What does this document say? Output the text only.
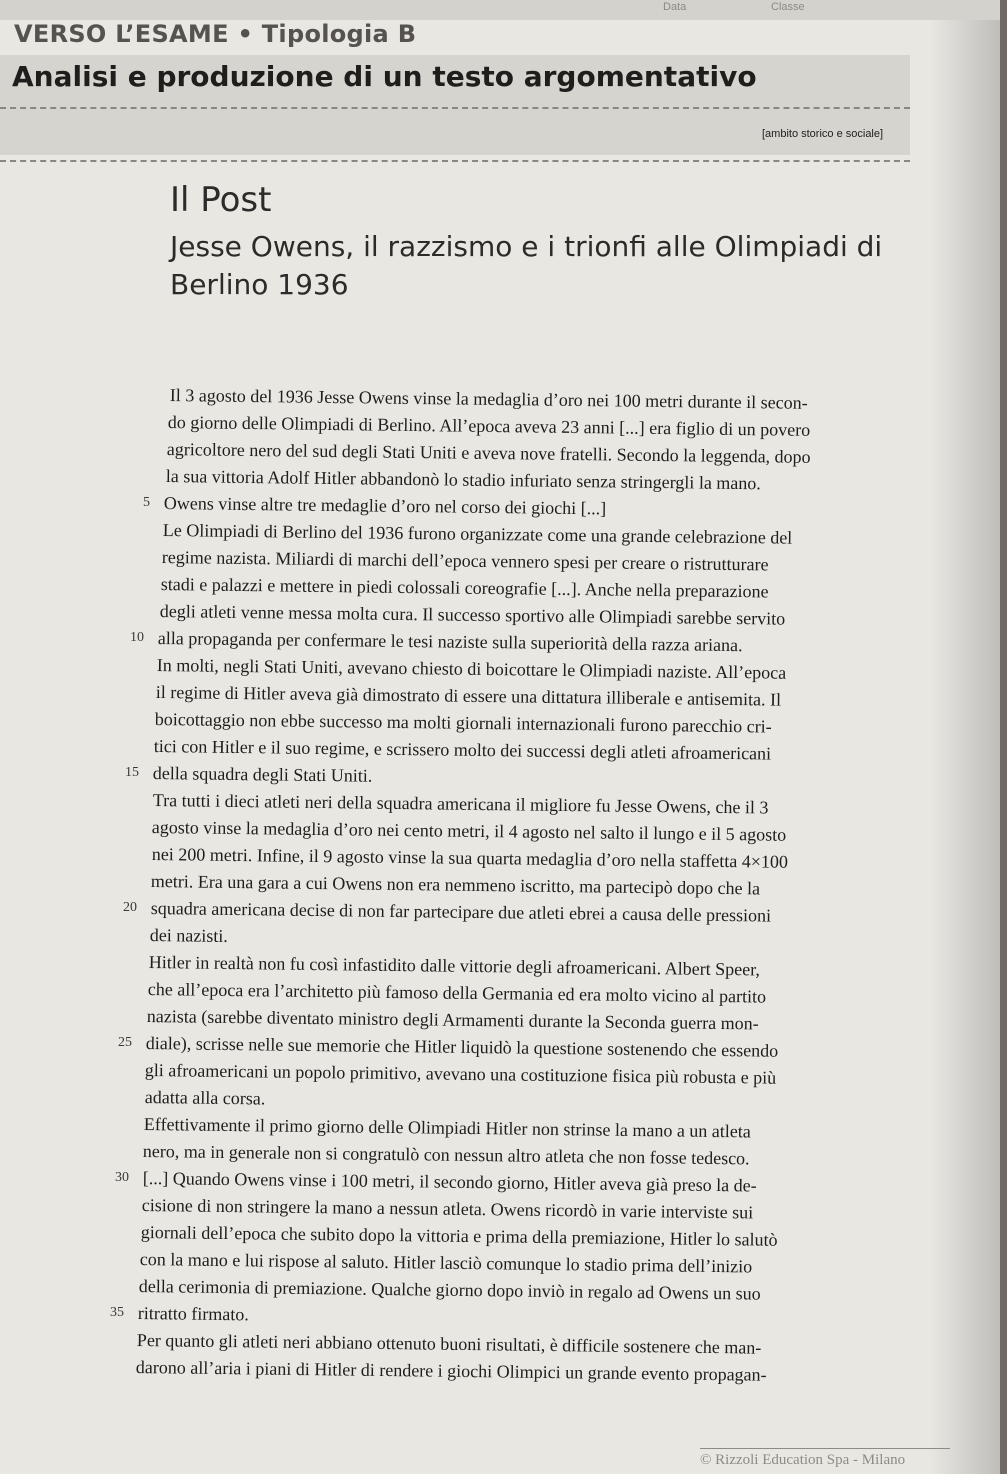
Data	Classe
VERSO L’ESAME • Tipologia B
Analisi e produzione di un testo argomentativo
[ambito storico e sociale]
Il Post
Jesse Owens, il razzismo e i trionfi alle Olimpiadi di Berlino 1936
Il 3 agosto del 1936 Jesse Owens vinse la medaglia d’oro nei 100 metri durante il secon-
do giorno delle Olimpiadi di Berlino. All’epoca aveva 23 anni [...] era figlio di un povero
agricoltore nero del sud degli Stati Uniti e aveva nove fratelli. Secondo la leggenda, dopo
la sua vittoria Adolf Hitler abbandonò lo stadio infuriato senza stringergli la mano.
Owens vinse altre tre medaglie d’oro nel corso dei giochi [...]
Le Olimpiadi di Berlino del 1936 furono organizzate come una grande celebrazione del
regime nazista. Miliardi di marchi dell’epoca vennero spesi per creare o ristrutturare
stadi e palazzi e mettere in piedi colossali coreografie [...]. Anche nella preparazione
degli atleti venne messa molta cura. Il successo sportivo alle Olimpiadi sarebbe servito
alla propaganda per confermare le tesi naziste sulla superiorità della razza ariana.
In molti, negli Stati Uniti, avevano chiesto di boicottare le Olimpiadi naziste. All’epoca
il regime di Hitler aveva già dimostrato di essere una dittatura illiberale e antisemita. Il
boicottaggio non ebbe successo ma molti giornali internazionali furono parecchio cri-
tici con Hitler e il suo regime, e scrissero molto dei successi degli atleti afroamericani
della squadra degli Stati Uniti.
Tra tutti i dieci atleti neri della squadra americana il migliore fu Jesse Owens, che il 3
agosto vinse la medaglia d’oro nei cento metri, il 4 agosto nel salto il lungo e il 5 agosto
nei 200 metri. Infine, il 9 agosto vinse la sua quarta medaglia d’oro nella staffetta 4×100
metri. Era una gara a cui Owens non era nemmeno iscritto, ma partecipò dopo che la
squadra americana decise di non far partecipare due atleti ebrei a causa delle pressioni
dei nazisti.
Hitler in realtà non fu così infastidito dalle vittorie degli afroamericani. Albert Speer,
che all’epoca era l’architetto più famoso della Germania ed era molto vicino al partito
nazista (sarebbe diventato ministro degli Armamenti durante la Seconda guerra mon-
diale), scrisse nelle sue memorie che Hitler liquidò la questione sostenendo che essendo
gli afroamericani un popolo primitivo, avevano una costituzione fisica più robusta e più
adatta alla corsa.
Effettivamente il primo giorno delle Olimpiadi Hitler non strinse la mano a un atleta
nero, ma in generale non si congratulò con nessun altro atleta che non fosse tedesco.
[...] Quando Owens vinse i 100 metri, il secondo giorno, Hitler aveva già preso la de-
cisione di non stringere la mano a nessun atleta. Owens ricordò in varie interviste sui
giornali dell’epoca che subito dopo la vittoria e prima della premiazione, Hitler lo salutò
con la mano e lui rispose al saluto. Hitler lasciò comunque lo stadio prima dell’inizio
della cerimonia di premiazione. Qualche giorno dopo inviò in regalo ad Owens un suo
ritratto firmato.
Per quanto gli atleti neri abbiano ottenuto buoni risultati, è difficile sostenere che man-
darono all’aria i piani di Hitler di rendere i giochi Olimpici un grande evento propagan-
5
10
15
20
25
30
35
© Rizzoli Education Spa - Milano
